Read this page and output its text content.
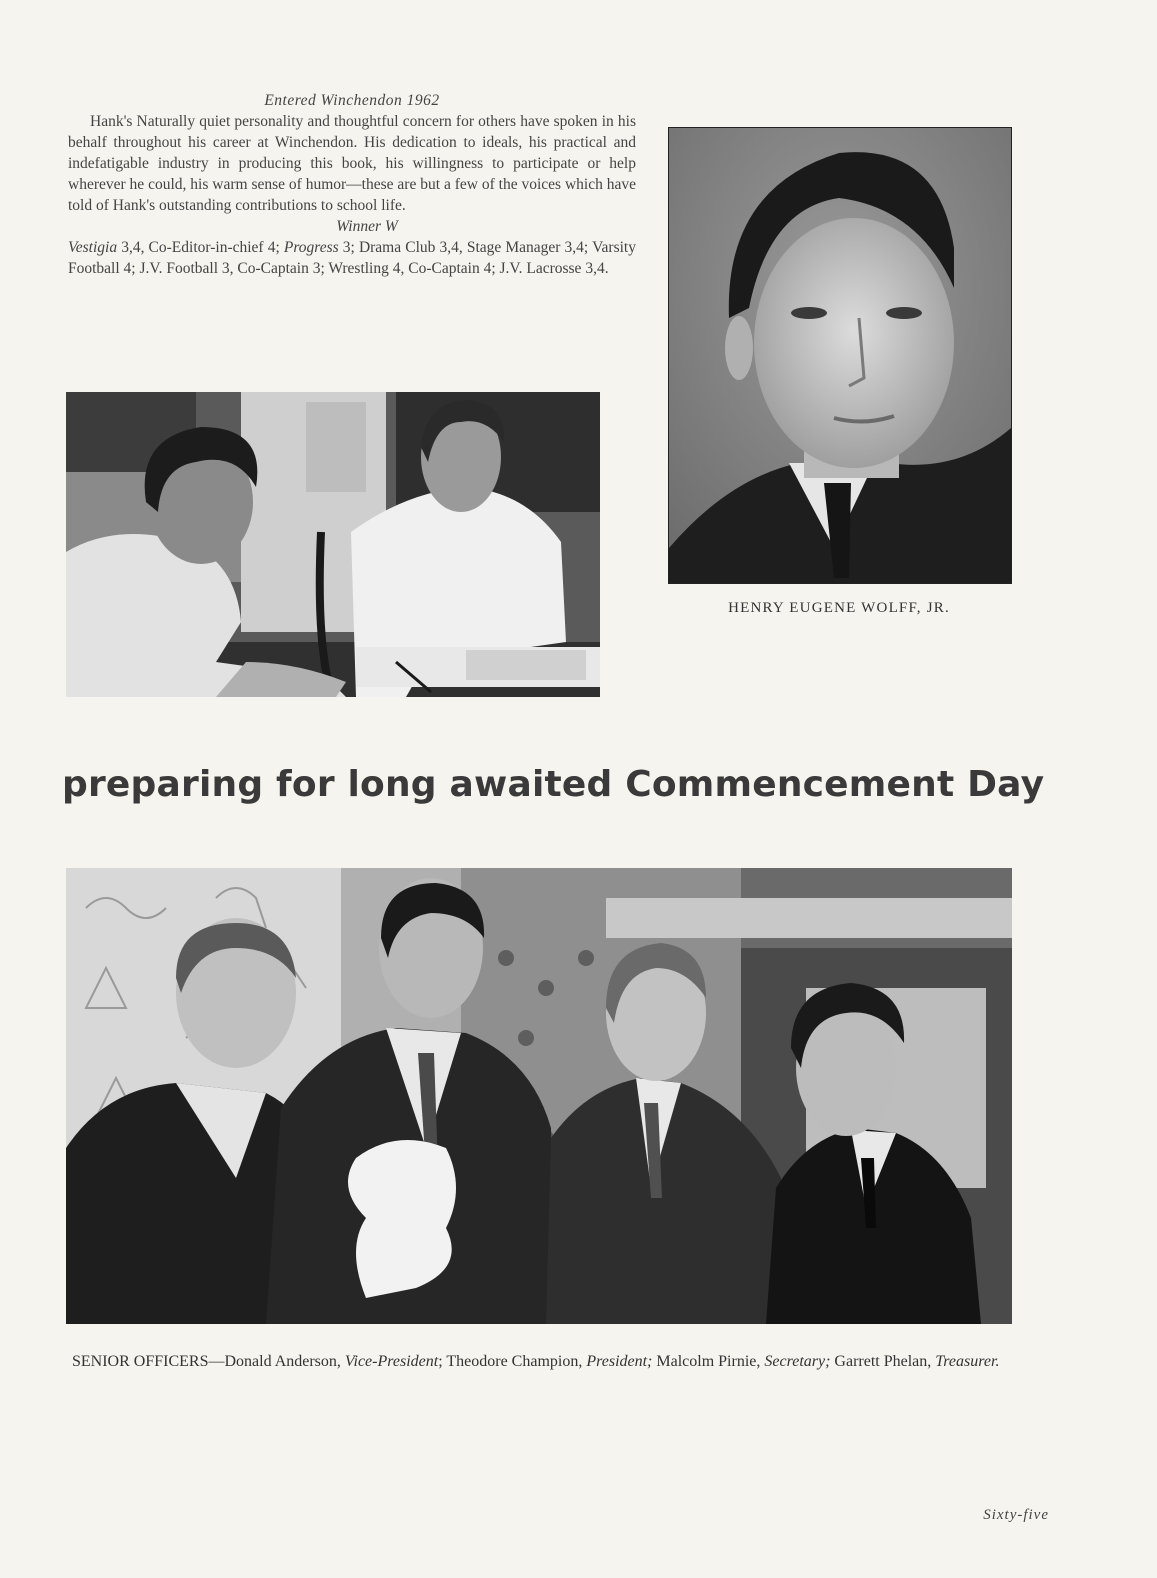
Entered Winchendon 1962
Hank's Naturally quiet personality and thoughtful concern for others have spoken in his behalf throughout his career at Winchendon. His dedication to ideals, his practical and indefatigable industry in producing this book, his willingness to participate or help wherever he could, his warm sense of humor—these are but a few of the voices which have told of Hank's outstanding contributions to school life.
Winner W
Vestigia 3,4, Co-Editor-in-chief 4; Progress 3; Drama Club 3,4, Stage Manager 3,4; Varsity Football 4; J.V. Football 3, Co-Captain 3; Wrestling 4, Co-Captain 4; J.V. Lacrosse 3,4.
HENRY EUGENE WOLFF, JR.
preparing for long awaited Commencement Day
SENIOR OFFICERS—Donald Anderson, Vice-President; Theodore Champion, President; Malcolm Pirnie, Secretary; Garrett Phelan, Treasurer.
Sixty-five
